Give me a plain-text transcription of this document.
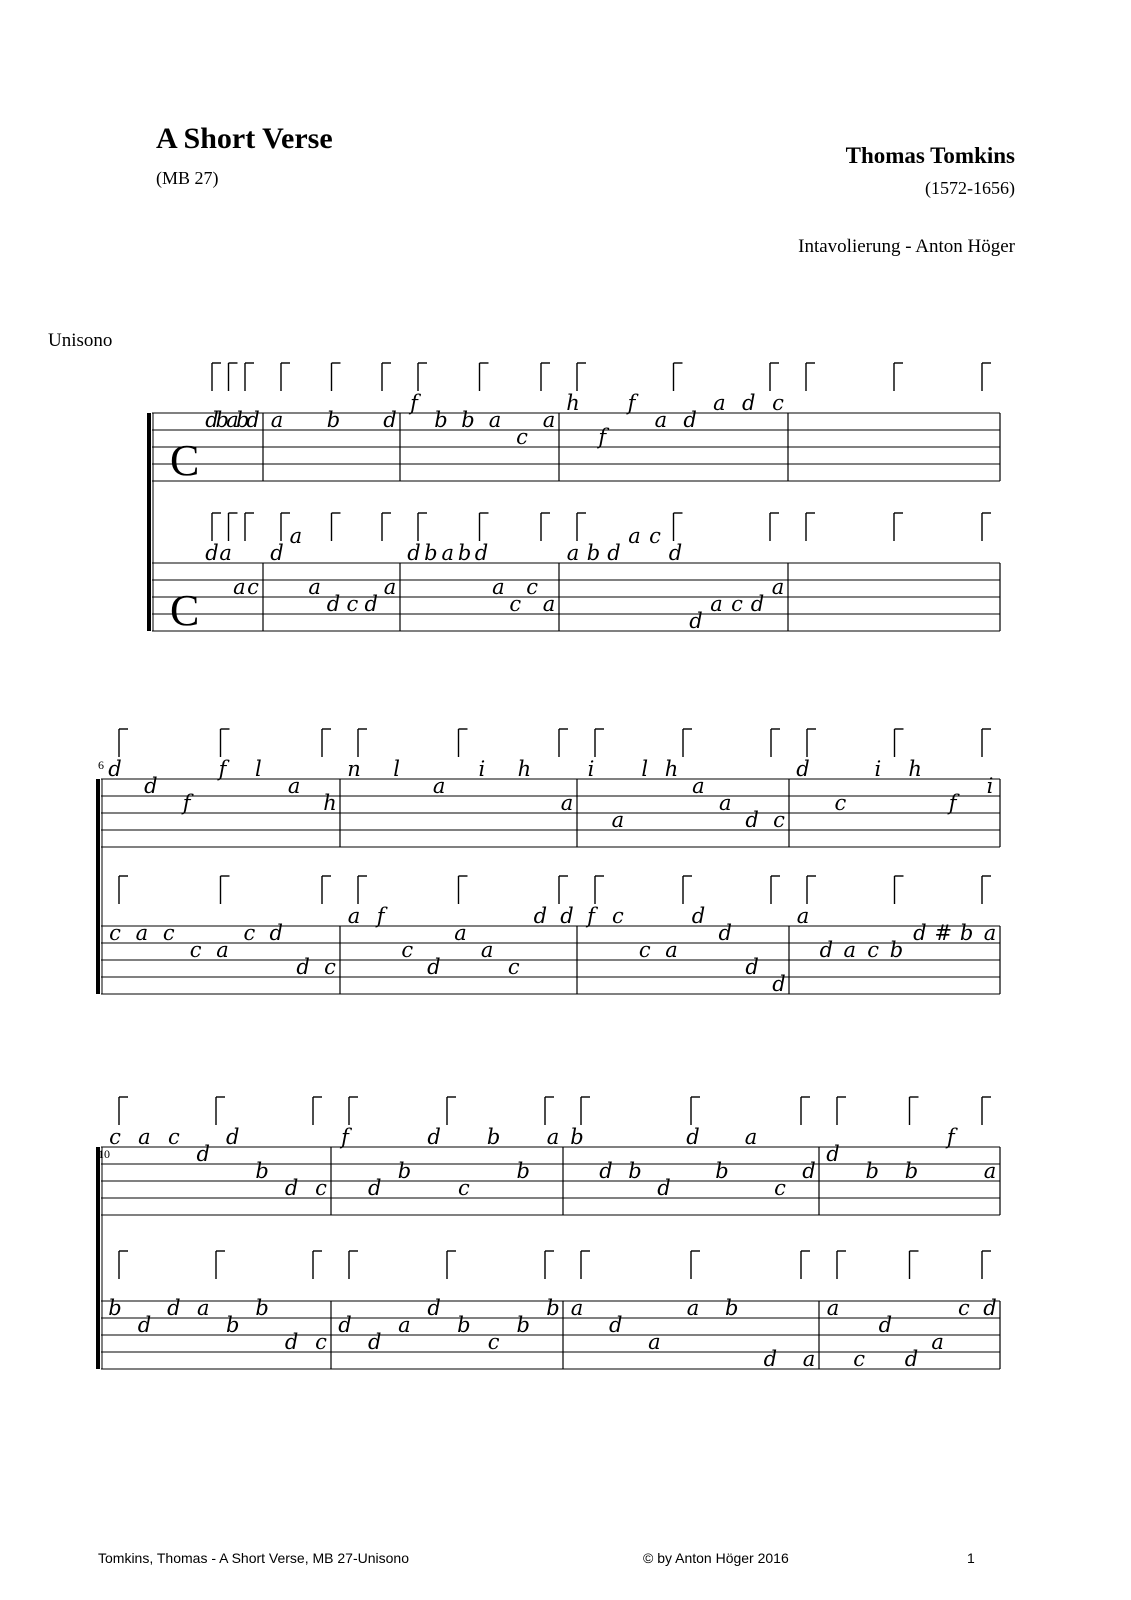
A Short Verse
(MB 27)
Thomas Tomkins
(1572-1656)
Intavolierung - Anton Höger
Unisono
C
d
b
a
b
d a b d
f
b b a
c
a
h
f
f
a d
a d c
C
d a
a c
d
a
a
d c d
a
d b a b d
a
c
c
a
a b d
a c
d
d
a c d
a
6 d
d
f
f l
a
h
n l
a
i h
a
i
a
l h
a
a
d c
d
c
i h
f
i
c a c
c a
c d
d c
a f
c
d
a
a
c
d d f c
c a
d
d
d
d
a
d a c b
d # b a
10
c a c
d
d
b
d c
f
d
b
d
c
b
b
a b
d b
d
d
b
a
c
d
d
b b
f
a
b
d
d a
b
b
d c
d
d
a
d
b
c
b
b a
d
a
a b
d a
a
c
d
d
a
c d
Tomkins, Thomas - A Short Verse, MB 27-Unisono	© by Anton Höger 2016	1
